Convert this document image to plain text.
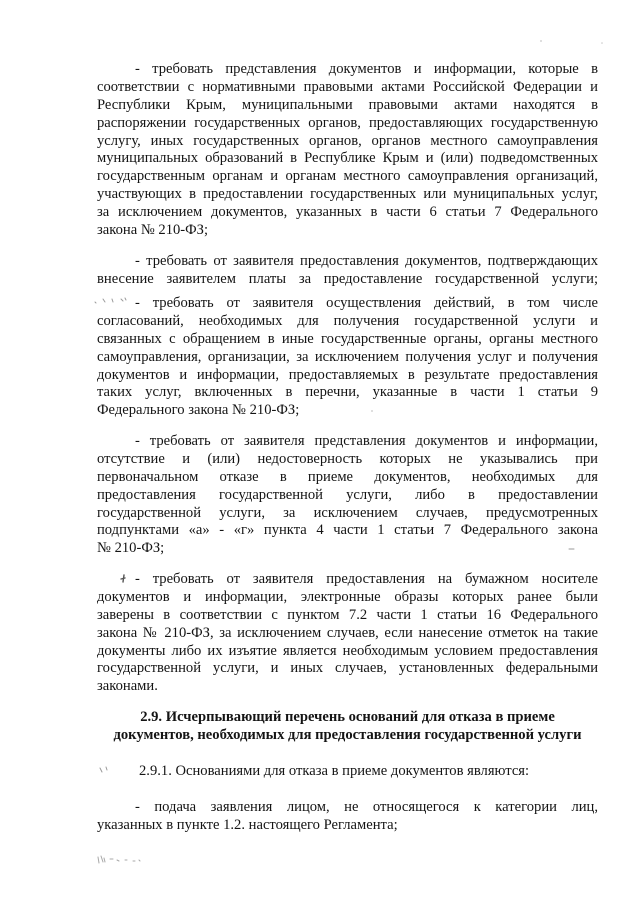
- требовать представления документов и информации, которые в
соответствии с нормативными правовыми актами Российской Федерации и
Республики Крым, муниципальными правовыми актами находятся в
распоряжении государственных органов, предоставляющих государственную
услугу, иных государственных органов, органов местного самоуправления
муниципальных образований в Республике Крым и (или) подведомственных
государственным органам и органам местного самоуправления организаций,
участвующих в предоставлении государственных или муниципальных услуг,
за исключением документов, указанных в части 6 статьи 7 Федерального
закона № 210-ФЗ;
- требовать от заявителя предоставления документов, подтверждающих
внесение заявителем платы за предоставление государственной услуги;
- требовать от заявителя осуществления действий, в том числе
согласований, необходимых для получения государственной услуги и
связанных с обращением в иные государственные органы, органы местного
самоуправления, организации, за исключением получения услуг и получения
документов и информации, предоставляемых в результате предоставления
таких услуг, включенных в перечни, указанные в части 1 статьи 9
Федерального закона № 210-ФЗ;
- требовать от заявителя представления документов и информации,
отсутствие и (или) недостоверность которых не указывались при
первоначальном отказе в приеме документов, необходимых для
предоставления государственной услуги, либо в предоставлении
государственной услуги, за исключением случаев, предусмотренных
подпунктами «а» - «г» пункта 4 части 1 статьи 7 Федерального закона
№ 210-ФЗ;
- требовать от заявителя предоставления на бумажном носителе
документов и информации, электронные образы которых ранее были
заверены в соответствии с пунктом 7.2 части 1 статьи 16 Федерального
закона № 210-ФЗ, за исключением случаев, если нанесение отметок на такие
документы либо их изъятие является необходимым условием предоставления
государственной услуги, и иных случаев, установленных федеральными
законами.
2.9. Исчерпывающий перечень оснований для отказа в приеме
документов, необходимых для предоставления государственной услуги
2.9.1. Основаниями для отказа в приеме документов являются:
- подача заявления лицом, не относящегося к категории лиц,
указанных в пункте 1.2. настоящего Регламента;
